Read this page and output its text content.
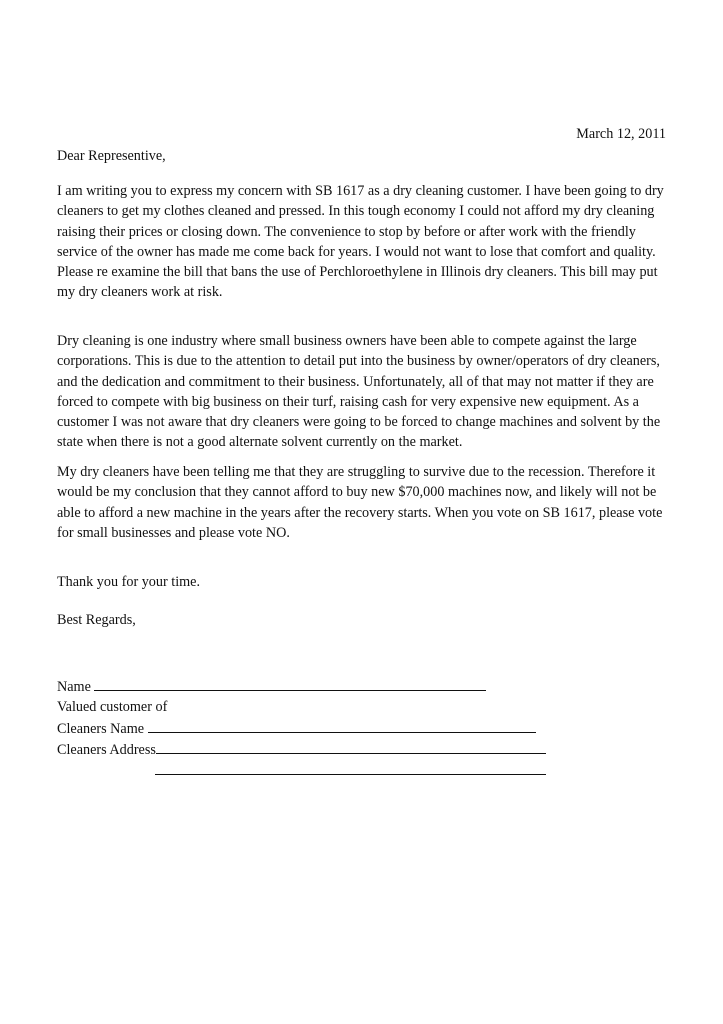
March 12, 2011
Dear Representive,

I am writing you to express my concern with SB 1617 as a dry cleaning customer. I have been going to dry cleaners to get my clothes cleaned and pressed. In this tough economy I could not afford my dry cleaning raising their prices or closing down. The convenience to stop by before or after work with the friendly service of the owner has made me come back for years. I would not want to lose that comfort and quality. Please re examine the bill that bans the use of Perchloroethylene in Illinois dry cleaners. This bill may put my dry cleaners work at risk.

Dry cleaning is one industry where small business owners have been able to compete against the large corporations. This is due to the attention to detail put into the business by owner/operators of dry cleaners, and the dedication and commitment to their business. Unfortunately, all of that may not matter if they are forced to compete with big business on their turf, raising cash for very expensive new equipment. As a customer I was not aware that dry cleaners were going to be forced to change machines and solvent by the state when there is not a good alternate solvent currently on the market.

My dry cleaners have been telling me that they are struggling to survive due to the recession. Therefore it would be my conclusion that they cannot afford to buy new $70,000 machines now, and likely will not be able to afford a new machine in the years after the recovery starts. When you vote on SB 1617, please vote for small businesses and please vote NO.

Thank you for your time.
Best Regards,
Name
Valued customer of
Cleaners Name
Cleaners Address
